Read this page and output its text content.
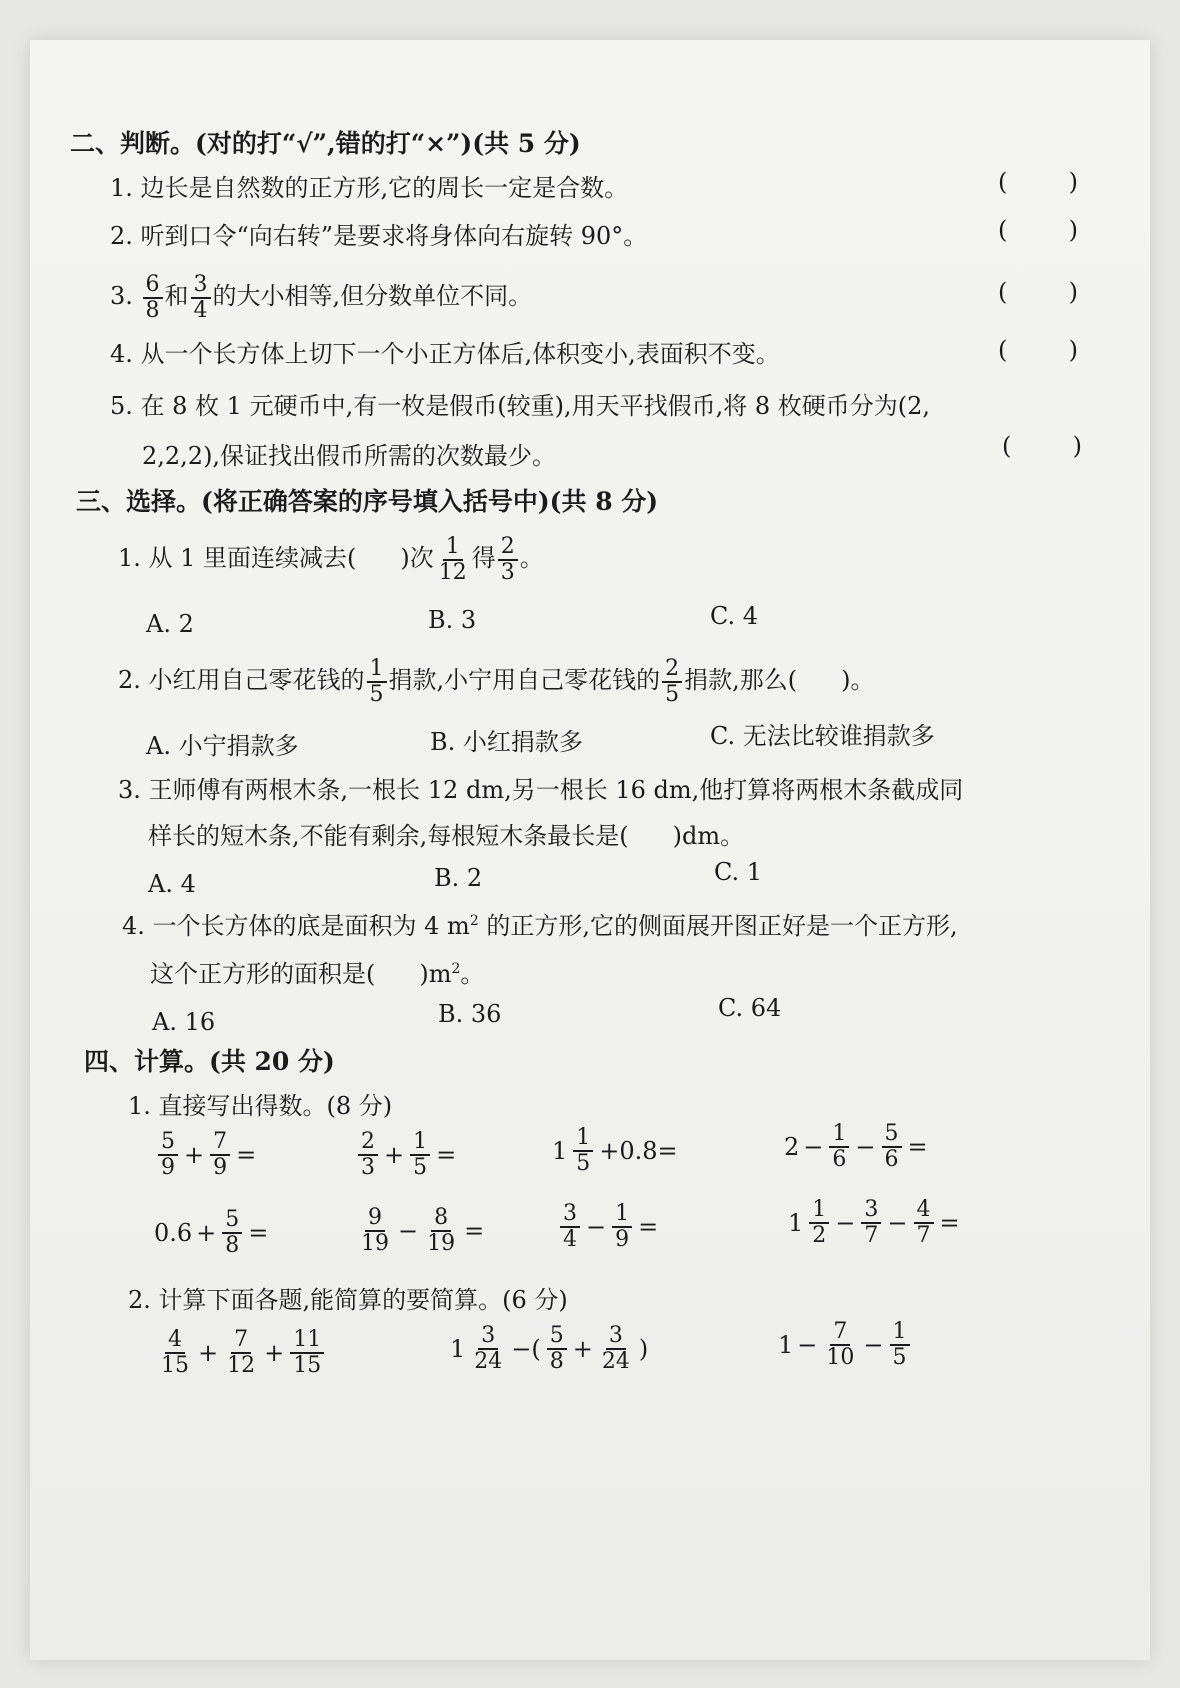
二、判断。(对的打“√”,错的打“×”)(共 5 分)
1. 边长是自然数的正方形,它的周长一定是合数。	(	)
2. 听到口令“向右转”是要求将身体向右旋转 90°。	(	)
3. $\frac{6}{8}$ 和 $\frac{3}{4}$ 的大小相等,但分数单位不同。	(	)
4. 从一个长方体上切下一个小正方体后,体积变小,表面积不变。	(	)
5. 在 8 枚 1 元硬币中,有一枚是假币(较重),用天平找假币,将 8 枚硬币分为(2,
2,2,2),保证找出假币所需的次数最少。	(	)
三、选择。(将正确答案的序号填入括号中)(共 8 分)
1. 从 1 里面连续减去( )次 $\frac{1}{12}$ 得 $\frac{2}{3}$ 。
A. 2	B. 3	C. 4
2. 小红用自己零花钱的 $\frac{1}{5}$ 捐款,小宁用自己零花钱的 $\frac{2}{5}$ 捐款,那么( )。
A. 小宁捐款多	B. 小红捐款多	C. 无法比较谁捐款多
3. 王师傅有两根木条,一根长 12 dm,另一根长 16 dm,他打算将两根木条截成同
样长的短木条,不能有剩余,每根短木条最长是( )dm。
A. 4	B. 2	C. 1
4. 一个长方体的底是面积为 4 $m^2$ 的正方形,它的侧面展开图正好是一个正方形,
这个正方形的面积是( )$m^2$。
A. 16	B. 36	C. 64
四、计算。(共 20 分)
1. 直接写出得数。(8 分)
$\frac{5}{9} + \frac{7}{9}$ =	$\frac{2}{3} + \frac{1}{5}$ =	$1 \frac{1}{5} +0.8=$	$2 - \frac{1}{6} - \frac{5}{6}$ =
$0.6 + \frac{5}{8}$ =	$\frac{9}{19} - \frac{8}{19}$ =	$\frac{3}{4} - \frac{1}{9}$ =	$1 \frac{1}{2} - \frac{3}{7} - \frac{4}{7}$ =
2. 计算下面各题,能简算的要简算。(6 分)
$\frac{4}{15} + \frac{7}{12} + \frac{11}{15}$	$1 \frac{3}{24}$ −( $\frac{5}{8} + \frac{3}{24}$ )	$1 - \frac{7}{10} - \frac{1}{5}$
